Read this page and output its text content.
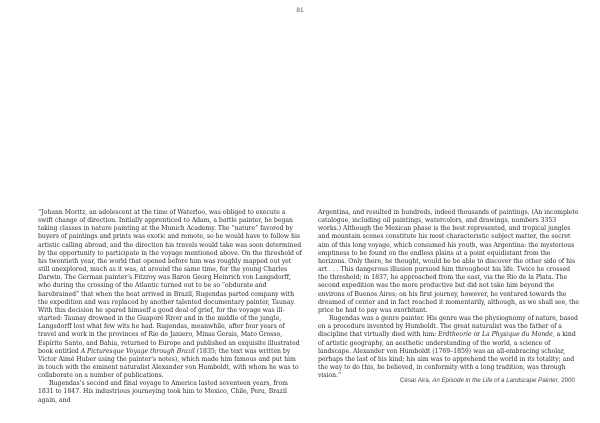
81

“Johann Moritz, an adolescent at the time of Waterloo, was obliged to execute a swift change of direction. Initially apprenticed to Adam, a battle painter, he began taking classes in nature painting at the Munich Academy. The “nature” favored by buyers of paintings and prints was exotic and remote, so he would have to follow his artistic calling abroad, and the direction his travels would take was soon determined by the opportunity to participate in the voyage mentioned above. On the threshold of his twentieth year, the world that opened before him was roughly mapped out yet still unexplored, much as it was, at around the same time, for the young Charles Darwin. The German painter’s Fitzroy was Baron Georg Heinrich von Langsdorff, who during the crossing of the Atlantic turned out to be so “obdurate and harebrained” that when the boat arrived in Brazil, Rugendas parted company with the expedition and was replaced by another talented documentary painter, Taunay. With this decision he spared himself a good deal of grief, for the voyage was ill-started: Taunay drowned in the Guaporé River and in the middle of the jungle, Langsdorff lost what few wits he had. Rugendas, meanwhile, after four years of travel and work in the provinces of Rio de Janiero, Minas Gerais, Mato Grosso, Espírito Santo, and Bahia, returned to Europe and published an exquisite illustrated book entitled A Picturesque Voyage through Brazil (1835; the text was written by Victor Aimé Huber using the painter’s notes), which made him famous and put him in touch with the eminent naturalist Alexander von Humboldt, with whom he was to collaborate on a number of publications.

Rugendas’s second and final voyage to America lasted seventeen years, from 1831 to 1847. His industrious journeying took him to Mexico, Chile, Peru, Brazil again, and

Argentina, and resulted in hundreds, indeed thousands of paintings. (An incomplete catalogue, including oil paintings, watercolors, and drawings, numbers 3353 works.) Although the Mexican phase is the best represented, and tropical jungles and mountain scenes constitute his most characteristic subject matter, the secret aim of this long voyage, which consumed his youth, was Argentina: the mysterious emptiness to be found on the endless plains at a point equidistant from the horizons. Only there, he thought, would he be able to discover the other side of his art . . . This dangerous illusion pursued him throughout his life. Twice he crossed the threshold; in 1837, he approached from the east, via the Río de la Plata. The second expedition was the more productive but did not take him beyond the environs of Buenos Aires; on his first journey, however, he ventured towards the dreamed of center and in fact reached it momentarily, although, as we shall see, the price he had to pay was exorbitant.

Rugendas was a genre painter. His genre was the physiognomy of nature, based on a procedure invented by Humboldt. The great naturalist was the father of a discipline that virtually died with him: Erdtheorie or La Physique du Monde, a kind of artistic geography, an aesthetic understanding of the world, a science of landscape. Alexander von Humboldt (1769–1859) was an all-embracing scholar, perhaps the last of his kind; his aim was to apprehend the world in its totality; and the way to do this, he believed, in conformity with a long tradition, was through vision.”

César Aira, An Episode in the Life of a Landscape Painter, 2000
